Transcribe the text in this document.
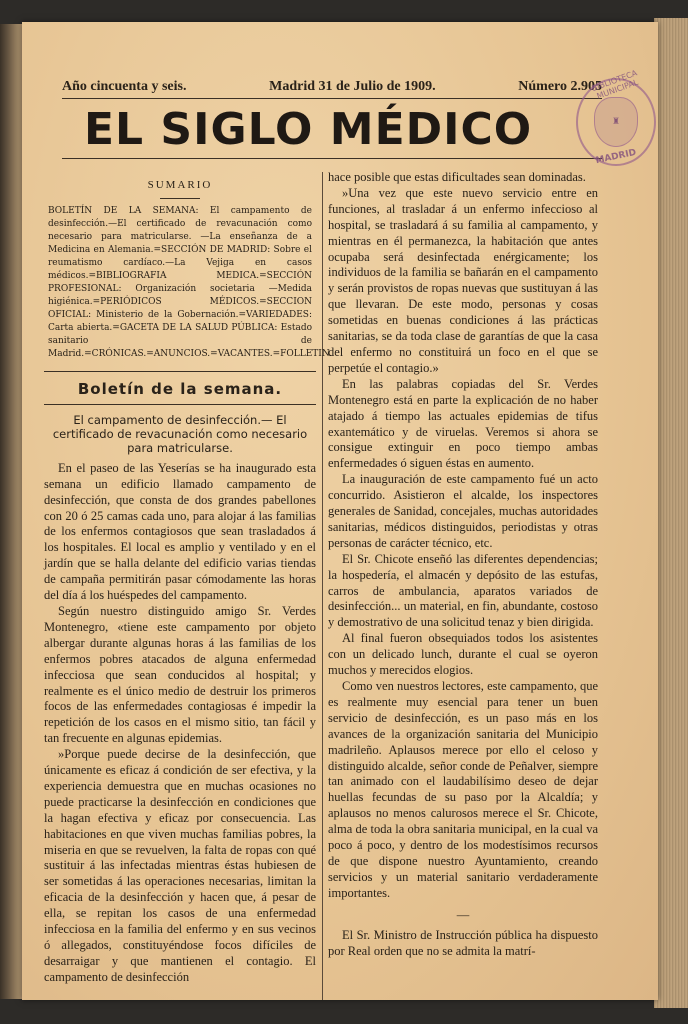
Año cincuenta y seis.	Madrid 31 de Julio de 1909.	Número 2.905
EL SIGLO MÉDICO
BIBLIOTECA MUNICIPAL
♜
MADRID
SUMARIO
BOLETÍN DE LA SEMANA: El campamento de desinfección.—El certificado de revacunación como necesario para matricularse. —La enseñanza de a Medicina en Alemania.=SECCIÓN DE MADRID: Sobre el reumatismo cardíaco.—La Vejiga en casos médicos.=BIBLIOGRAFIA MEDICA.=SECCIÓN PROFESIONAL: Organización societaria —Medida higiénica.=PERIÓDICOS MÉDICOS.=SECCION OFICIAL: Ministerio de la Gobernación.=VARIEDADES: Carta abierta.=GACETA DE LA SALUD PÚBLICA: Estado sanitario de Madrid.=CRÓNICAS.=ANUNCIOS.=VACANTES.=FOLLETIN.
Boletín de la semana.
El campamento de desinfección.— El certificado de revacunación como necesario para matricularse.

En el paseo de las Yeserías se ha inaugurado esta semana un edificio llamado campamento de desinfección, que consta de dos grandes pabellones con 20 ó 25 camas cada uno, para alojar á las familias de los enfermos contagiosos que sean trasladados á los hospitales. El local es amplio y ventilado y en el jardín que se halla delante del edificio varias tiendas de campaña permitirán pasar cómodamente las horas del día á los huéspedes del campamento.

Según nuestro distinguido amigo Sr. Verdes Montenegro, «tiene este campamento por objeto albergar durante algunas horas á las familias de los enfermos pobres atacados de alguna enfermedad infecciosa que sean conducidos al hospital; y realmente es el único medio de destruir los primeros focos de las enfermedades contagiosas é impedir la repetición de los casos en el mismo sitio, tan fácil y tan frecuente en algunas epidemias.

»Porque puede decirse de la desinfección, que únicamente es eficaz á condición de ser efectiva, y la experiencia demuestra que en muchas ocasiones no puede practicarse la desinfección en condiciones que la hagan efectiva y eficaz por consecuencia. Las habitaciones en que viven muchas familias pobres, la miseria en que se revuelven, la falta de ropas con qué sustituir á las infectadas mientras éstas hubiesen de ser sometidas á las operaciones necesarias, limitan la eficacia de la desinfección y hacen que, á pesar de ella, se repitan los casos de una enfermedad infecciosa en la familia del enfermo y en sus vecinos ó allegados, constituyéndose focos difíciles de desarraigar y que mantienen el contagio. El campamento de desinfección

hace posible que estas dificultades sean dominadas.

»Una vez que este nuevo servicio entre en funciones, al trasladar á un enfermo infeccioso al hospital, se trasladará á su familia al campamento, y mientras en él permanezca, la habitación que antes ocupaba será desinfectada enérgicamente; los individuos de la familia se bañarán en el campamento y serán provistos de ropas nuevas que sustituyan á las que llevaran. De este modo, personas y cosas sometidas en buenas condiciones á las prácticas sanitarias, se da toda clase de garantías de que la casa del enfermo no constituirá un foco en el que se perpetúe el contagio.»

En las palabras copiadas del Sr. Verdes Montenegro está en parte la explicación de no haber atajado á tiempo las actuales epidemias de tifus exantemático y de viruelas. Veremos si ahora se consigue extinguir en poco tiempo ambas enfermedades ó siguen éstas en aumento.

La inauguración de este campamento fué un acto concurrido. Asistieron el alcalde, los inspectores generales de Sanidad, concejales, muchas autoridades sanitarias, médicos distinguidos, periodistas y otras personas de carácter técnico, etc.

El Sr. Chicote enseñó las diferentes dependencias; la hospedería, el almacén y depósito de las estufas, carros de ambulancia, aparatos variados de desinfección... un material, en fin, abundante, costoso y demostrativo de una solicitud tenaz y bien dirigida.

Al final fueron obsequiados todos los asistentes con un delicado lunch, durante el cual se oyeron muchos y merecidos elogios.

Como ven nuestros lectores, este campamento, que es realmente muy esencial para tener un buen servicio de desinfección, es un paso más en los avances de la organización sanitaria del Municipio madrileño. Aplausos merece por ello el celoso y distinguido alcalde, señor conde de Peñalver, siempre tan animado con el laudabilísimo deseo de dejar huellas fecundas de su paso por la Alcaldía; y aplausos no menos calurosos merece el Sr. Chicote, alma de toda la obra sanitaria municipal, en la cual va poco á poco, y dentro de los modestísimos recursos de que dispone nuestro Ayuntamiento, creando servicios y un material sanitario verdaderamente importantes.

—

El Sr. Ministro de Instrucción pública ha dispuesto por Real orden que no se admita la matrí-
